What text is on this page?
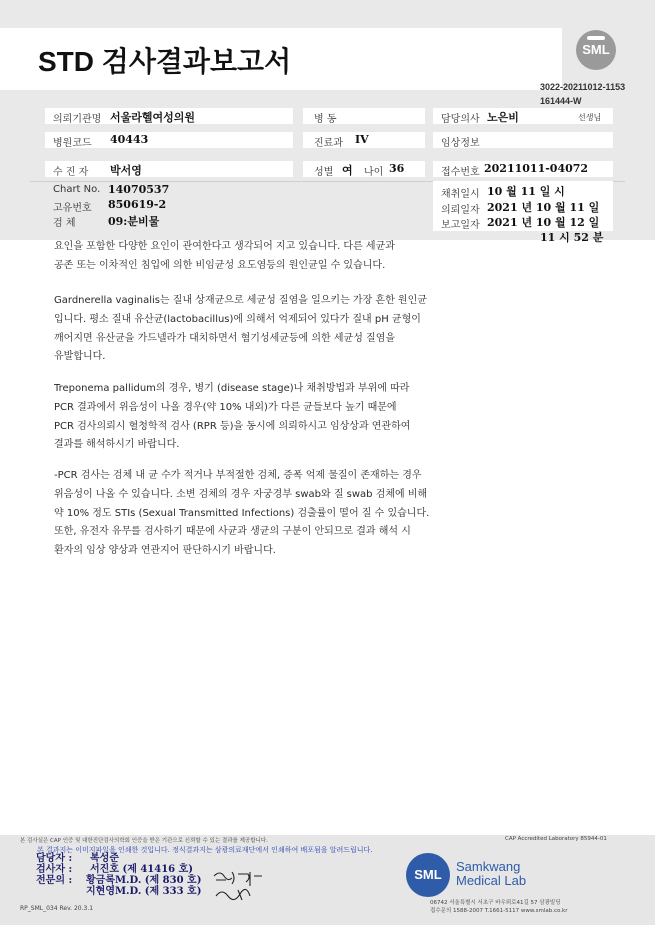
STD 검사결과보고서	SML
3022-20211012-1153
161444-W
의뢰기관명 서울라헬여성의원	병 동	담당의사 노은비	선생님
병원코드 40443	진료과 IV	임상정보
수 진 자 박서영	성별 여 나이 36	접수번호 20211011-04072
Chart No. 14070537
고유번호 850619-2
검 체	09:분비물
채취일시 10 월 11 일 시
의뢰일자 2021 년 10 월 11 일
보고일자 2021 년 10 월 12 일
11 시 52 분
요인을 포함한 다양한 요인이 관여한다고 생각되어 지고 있습니다. 다른 세균과
공존 또는 이차적인 침입에 의한 비임균성 요도염등의 원인균일 수 있습니다.
Gardnerella vaginalis는 질내 상재균으로 세균성 질염을 일으키는 가장 흔한 원인균
입니다. 평소 질내 유산균(lactobacillus)에 의해서 억제되어 있다가 질내 pH 균형이
깨어지면 유산균을 가드넬라가 대치하면서 혐기성세균등에 의한 세균성 질염을
유발합니다.
Treponema pallidum의 경우, 병기 (disease stage)나 채취방법과 부위에 따라
PCR 결과에서 위음성이 나올 경우(약 10% 내외)가 다른 균들보다 높기 때문에
PCR 검사의뢰시 혈청학적 검사 (RPR 등)을 동시에 의뢰하시고 임상상과 연관하여
결과를 해석하시기 바랍니다.
-PCR 검사는 검체 내 균 수가 적거나 부적절한 검체, 증폭 억제 물질이 존재하는 경우
위음성이 나올 수 있습니다. 소변 검체의 경우 자궁경부 swab와 질 swab 검체에 비해
약 10% 정도 STIs (Sexual Transmitted Infections) 검출률이 떨어 질 수 있습니다.
또한, 유전자 유무를 검사하기 때문에 사균과 생균의 구분이 안되므로 결과 해석 시
환자의 임상 양상과 연관지어 판단하시기 바랍니다.
본 검사실은 CAP 인증 및 대한진단검사의학회 인증을 받은 기관으로 신뢰할 수 있는 결과를 제공합니다.	CAP Accredited Laboratory 85944-01
본 결과지는 이미지파일을 인쇄한 것입니다. 정식결과지는 삼광의료재단에서 인쇄하여 배포됨을 알려드립니다.
담당자 : 복성준
검사자 : 서진호 (제 41416 호)
전문의 : 황금록M.D. (제 830 호)
지현영M.D. (제 333 호)
RP_SML_034 Rev. 20.3.1
SML
Samkwang
Medical Lab
06742 서울특별시 서초구 바우뫼로41길 57 삼광빌딩
접수문의 1588-2007 T.1661-5117 www.smlab.co.kr
